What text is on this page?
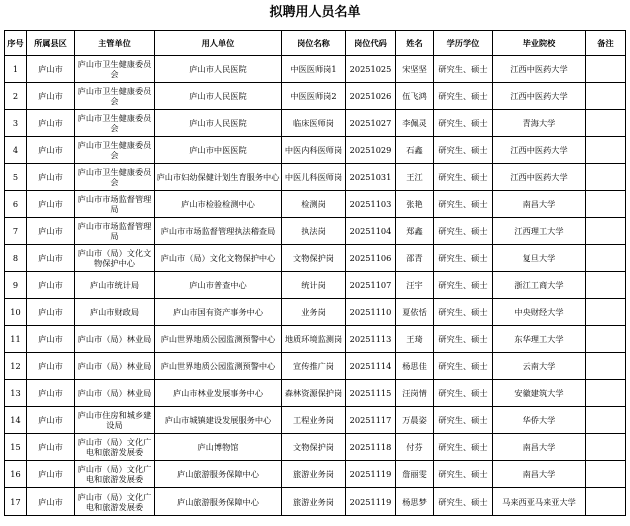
拟聘用人员名单
序号	所属县区	主管单位	用人单位	岗位名称	岗位代码	姓名	学历学位	毕业院校	备注
1	庐山市	庐山市卫生健康委员会	庐山市人民医院	中医医师岗1	20251025	宋坚坚	研究生、硕士	江西中医药大学	
2	庐山市	庐山市卫生健康委员会	庐山市人民医院	中医医师岗2	20251026	伍飞鸿	研究生、硕士	江西中医药大学	
3	庐山市	庐山市卫生健康委员会	庐山市人民医院	临床医师岗	20251027	李佩灵	研究生、硕士	青海大学	
4	庐山市	庐山市卫生健康委员会	庐山市中医医院	中医内科医师岗	20251029	石鑫	研究生、硕士	江西中医药大学	
5	庐山市	庐山市卫生健康委员会	庐山市妇幼保健计划生育服务中心	中医儿科医师岗	20251031	王江	研究生、硕士	江西中医药大学	
6	庐山市	庐山市市场监督管理局	庐山市检验检测中心	检测岗	20251103	张艳	研究生、硕士	南昌大学	
7	庐山市	庐山市市场监督管理局	庐山市市场监督管理执法稽查局	执法岗	20251104	郑鑫	研究生、硕士	江西理工大学	
8	庐山市	庐山市（局）文化文物保护中心	庐山市（局）文化文物保护中心	文物保护岗	20251106	邵青	研究生、硕士	复旦大学	
9	庐山市	庐山市统计局	庐山市普查中心	统计岗	20251107	汪宇	研究生、硕士	浙江工商大学	
10	庐山市	庐山市财政局	庐山市国有资产事务中心	业务岗	20251110	夏依恬	研究生、硕士	中央财经大学	
11	庐山市	庐山市（局）林业局	庐山世界地质公园监测预警中心	地质环境监测岗	20251113	王琦	研究生、硕士	东华理工大学	
12	庐山市	庐山市（局）林业局	庐山世界地质公园监测预警中心	宣传推广岗	20251114	杨思佳	研究生、硕士	云南大学	
13	庐山市	庐山市（局）林业局	庐山市林业发展事务中心	森林资源保护岗	20251115	汪岗情	研究生、硕士	安徽建筑大学	
14	庐山市	庐山市住房和城乡建设局	庐山市城镇建设发展服务中心	工程业务岗	20251117	万晨姿	研究生、硕士	华侨大学	
15	庐山市	庐山市（局）文化广电和旅游发展委	庐山博物馆	文物保护岗	20251118	付芬	研究生、硕士	南昌大学	
16	庐山市	庐山市（局）文化广电和旅游发展委	庐山旅游服务保障中心	旅游业务岗	20251119	詹丽雯	研究生、硕士	南昌大学	
17	庐山市	庐山市（局）文化广电和旅游发展委	庐山旅游服务保障中心	旅游业务岗	20251119	杨思梦	研究生、硕士	马来西亚马来亚大学	
